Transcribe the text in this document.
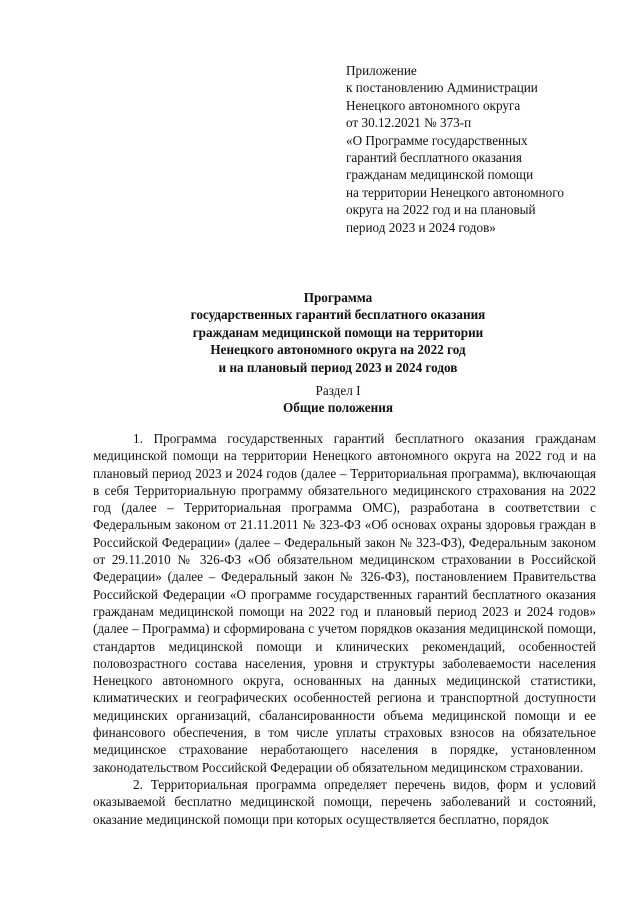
Приложение
к постановлению Администрации
Ненецкого автономного округа
от 30.12.2021 № 373-п
«О Программе государственных
гарантий бесплатного оказания
гражданам медицинской помощи
на территории Ненецкого автономного
округа на 2022 год и на плановый
период 2023 и 2024 годов»
Программа
государственных гарантий бесплатного оказания
гражданам медицинской помощи на территории
Ненецкого автономного округа на 2022 год
и на плановый период 2023 и 2024 годов
Раздел I
Общие положения

1. Программа государственных гарантий бесплатного оказания гражданам медицинской помощи на территории Ненецкого автономного округа на 2022 год и на плановый период 2023 и 2024 годов (далее – Территориальная программа), включающая в себя Территориальную программу обязательного медицинского страхования на 2022 год (далее – Территориальная программа ОМС), разработана в соответствии с Федеральным законом от 21.11.2011 № 323-ФЗ «Об основах охраны здоровья граждан в Российской Федерации» (далее – Федеральный закон № 323-ФЗ), Федеральным законом от 29.11.2010 № 326-ФЗ «Об обязательном медицинском страховании в Российской Федерации» (далее – Федеральный закон № 326-ФЗ), постановлением Правительства Российской Федерации «О программе государственных гарантий бесплатного оказания гражданам медицинской помощи на 2022 год и плановый период 2023 и 2024 годов» (далее – Программа) и сформирована с учетом порядков оказания медицинской помощи, стандартов медицинской помощи и клинических рекомендаций, особенностей половозрастного состава населения, уровня и структуры заболеваемости населения Ненецкого автономного округа, основанных на данных медицинской статистики, климатических и географических особенностей региона и транспортной доступности медицинских организаций, сбалансированности объема медицинской помощи и ее финансового обеспечения, в том числе уплаты страховых взносов на обязательное медицинское страхование неработающего населения в порядке, установленном законодательством Российской Федерации об обязательном медицинском страховании.

2. Территориальная программа определяет перечень видов, форм и условий оказываемой бесплатно медицинской помощи, перечень заболеваний и состояний, оказание медицинской помощи при которых осуществляется бесплатно, порядок
